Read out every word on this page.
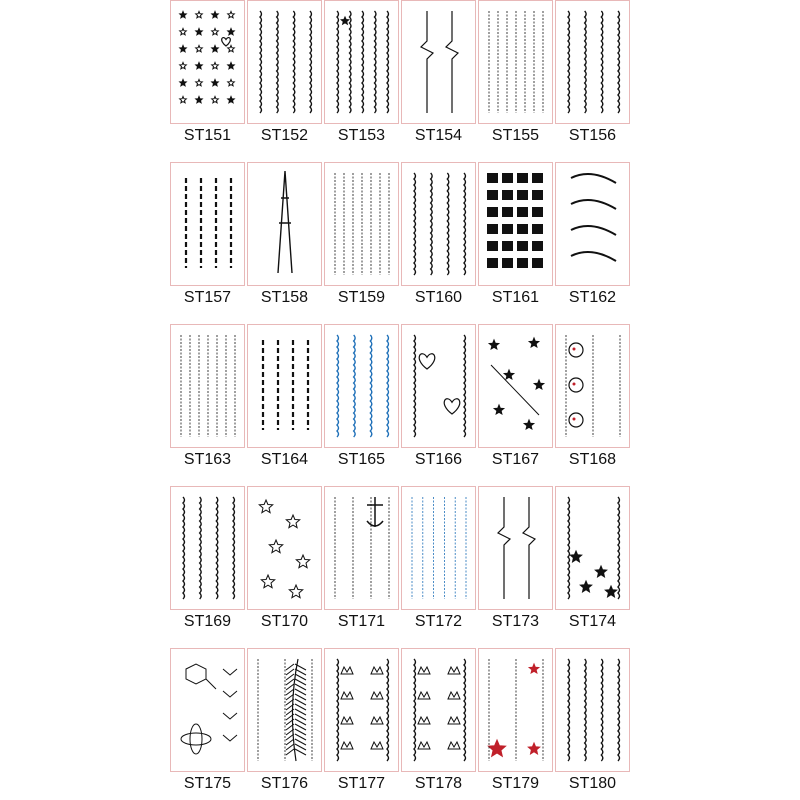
ST151	ST152	ST153	ST154	ST155	ST156
ST157	ST158	ST159	ST160	ST161	ST162
ST163	ST164	ST165	ST166	ST167	ST168
ST169	ST170	ST171	ST172	ST173	ST174
ST175	ST176	ST177	ST178	ST179	ST180
